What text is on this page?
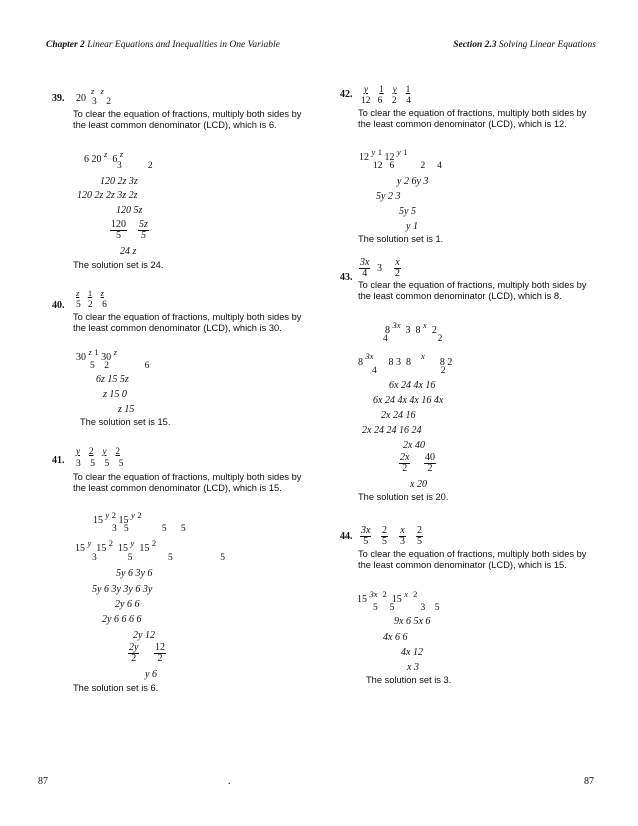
Chapter 2 Linear Equations and Inequalities in One Variable	Section 2.3 Solving Linear Equations
39. 20
z   z
3    2
To clear the equation of fractions, multiply both sides by the least common denominator (LCD), which is 6.
6 20 $^z$  6 $^z$
3           2
120 2z 3z
120 2z 2z 3z 2z
120 5z
$\frac{120}{5} \frac{5z}{5}$
24 z
The solution set is 24.
z 1 z
40. 5   2    6
To clear the equation of fractions, multiply both sides by the least common denominator (LCD), which is 30.
30 $^z$ $^1$ 30 $^z$
5    2               6
6z 15 5z
z 15 0
z 15
The solution set is 15.
y 2 y 2
41. 3    5    5    5
To clear the equation of fractions, multiply both sides by the least common denominator (LCD), which is 15.
15 $^y$ $^2$ 15 $^y$ $^2$
3   5              5      5
15 $^y$  15 $^2$  15 $^y$  15 $^2$
3             5               5                    5
5y 6 3y 6
5y 6 3y 3y 6 3y
2y 6 6
2y 6 6 6 6
2y 12
$\frac{2y}{2} \frac{12}{2}$
y 6
The solution set is 6.
y 1 y 1
42.
12   6    2    4
To clear the equation of fractions, multiply both sides by the least common denominator (LCD), which is 12.
12 $^y$ $^1$ 12 $^y$ $^1$
12   6           2     4
y 2 6y 3
5y 2 3
5y 5
y 1
The solution set is 1.
$\frac{3x}{4} 3 \frac{x}{2}$
43.
To clear the equation of fractions, multiply both sides by the least common denominator (LCD), which is 8.
8 $^{3x}$  3  8 $^x$  2
4                     2
8 $^{3x}$      8 3  8    $^x$      8 2
4                           2
6x 24 4x 16
6x 24 4x 4x 16 4x
2x 24 16
2x 24 24 16 24
2x 40
$\frac{2x}{2} \frac{40}{2}$
x 20
The solution set is 20.
44. $\frac{3x}{5} \frac{2}{5} \frac{x}{3} \frac{2}{5}$
To clear the equation of fractions, multiply both sides by the least common denominator (LCD), which is 15.
15 $^{3x}$ $^2$  15 $^x$ $^2$
5     5           3    5
9x 6 5x 6
4x 6 6
4x 12
x 3
The solution set is 3.
87	.	87
